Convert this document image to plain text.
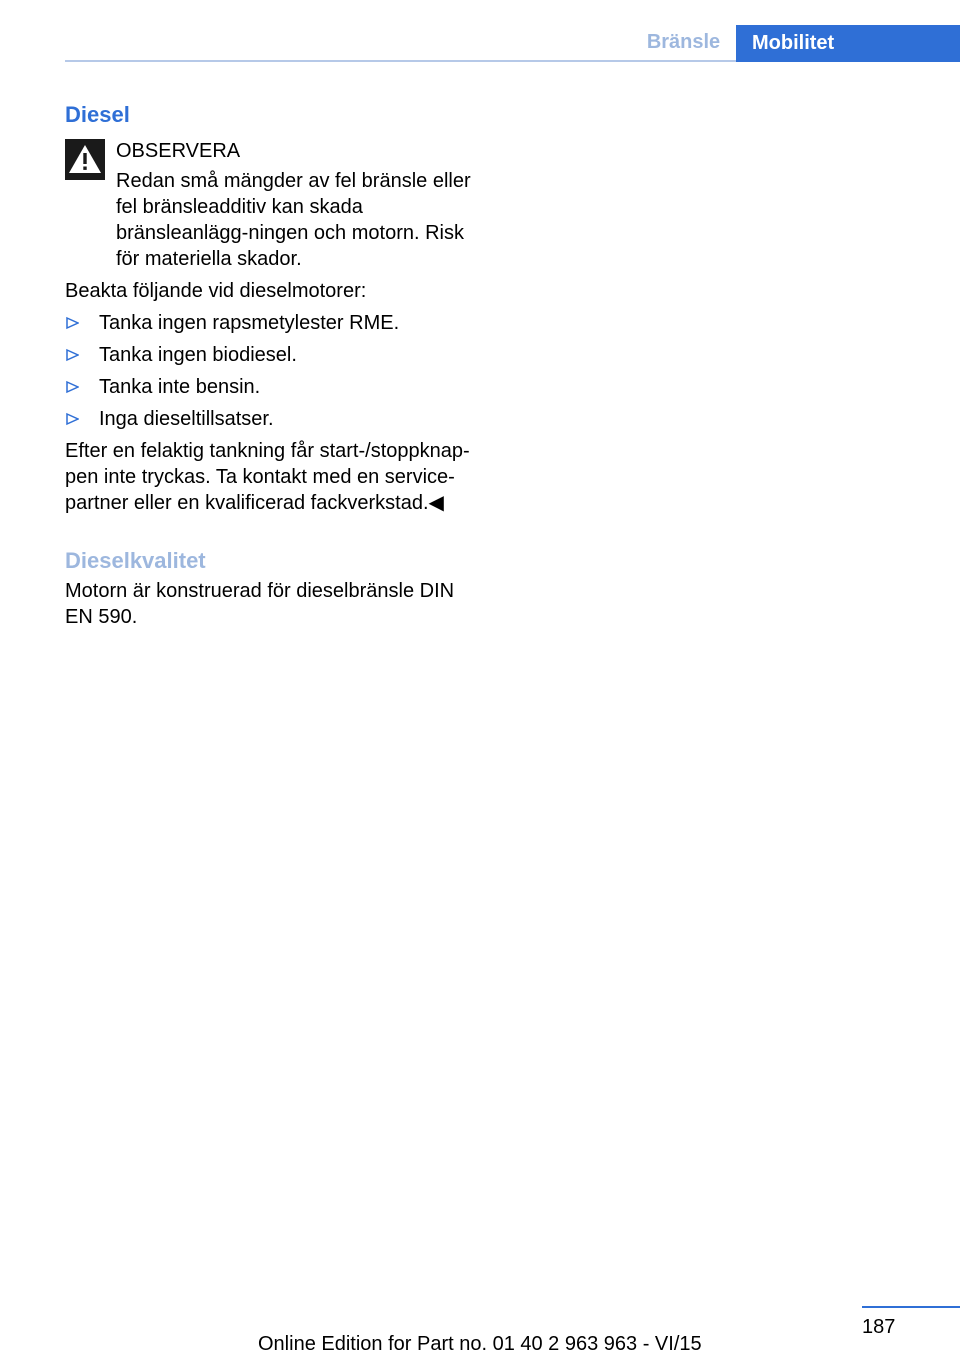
Bränsle	Mobilitet
Diesel

OBSERVERA

Redan små mängder av fel bränsle eller

fel bränsleadditiv kan skada bränsleanlägg-ningen och motorn. Risk för materiella skador.

Beakta följande vid dieselmotorer:

Tanka ingen rapsmetylester RME.
Tanka ingen biodiesel.
Tanka inte bensin.
Inga dieseltillsatser.

Efter en felaktig tankning får start-/stoppknap-pen inte tryckas. Ta kontakt med en service-partner eller en kvalificerad fackverkstad.◀

Dieselkvalitet

Motorn är konstruerad för dieselbränsle DIN EN 590.

187
Online Edition for Part no. 01 40 2 963 963 - VI/15
